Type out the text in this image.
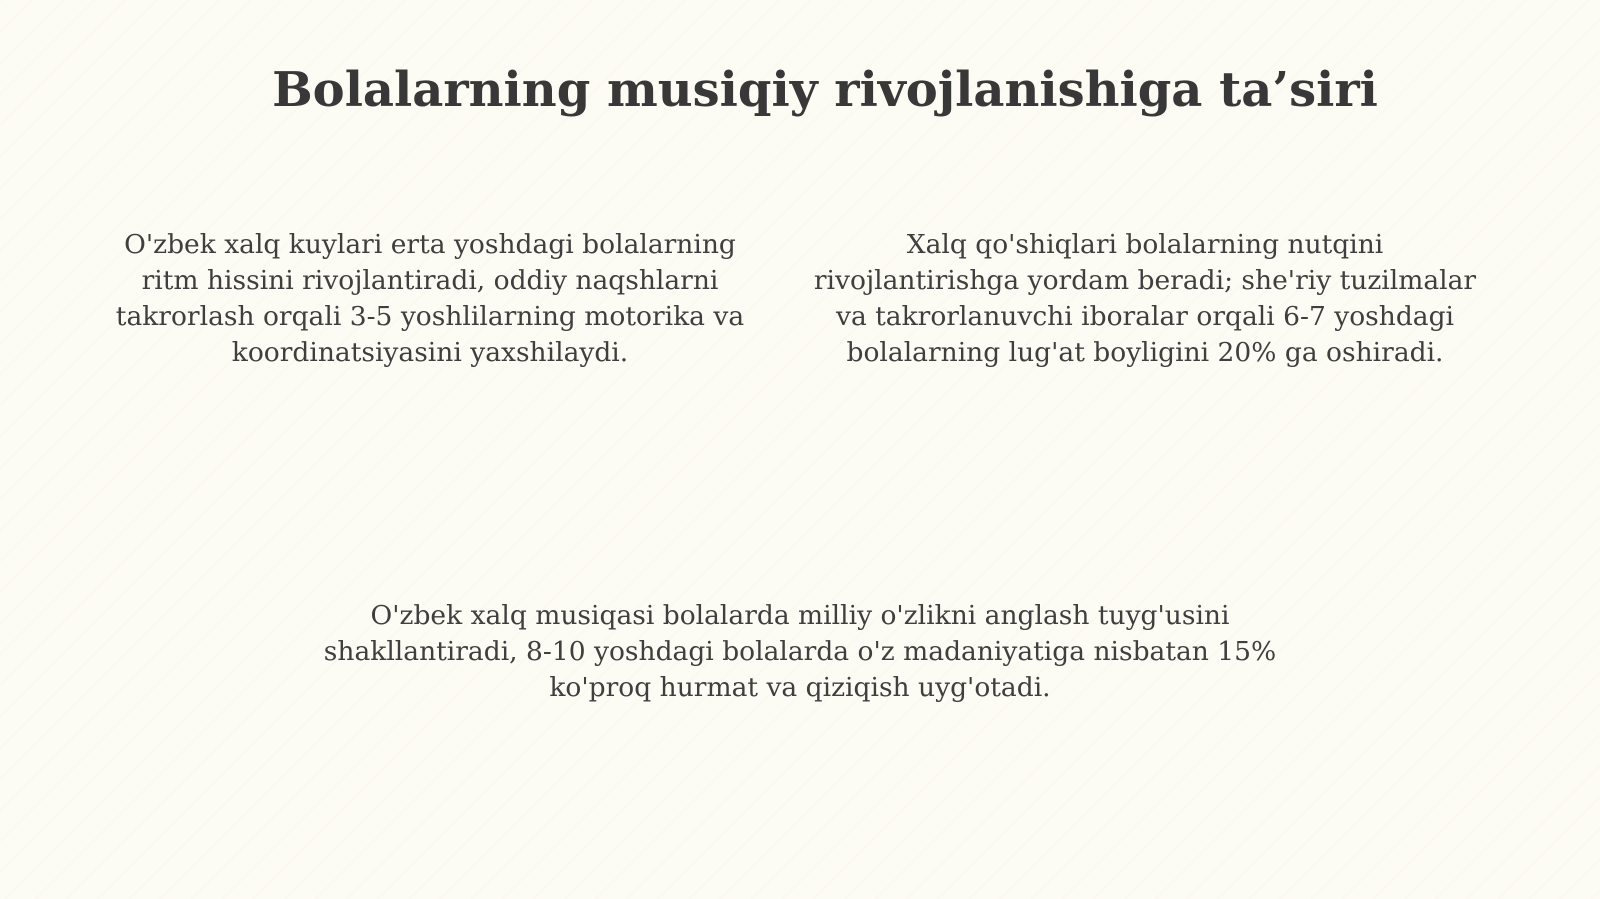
Bolalarning musiqiy rivojlanishiga ta’siri

O'zbek xalq kuylari erta yoshdagi bolalarning ritm hissini rivojlantiradi, oddiy naqshlarni takrorlash orqali 3-5 yoshlilarning motorika va koordinatsiyasini yaxshilaydi.

Xalq qo'shiqlari bolalarning nutqini rivojlantirishga yordam beradi; she'riy tuzilmalar va takrorlanuvchi iboralar orqali 6-7 yoshdagi bolalarning lug'at boyligini 20% ga oshiradi.

O'zbek xalq musiqasi bolalarda milliy o'zlikni anglash tuyg'usini shakllantiradi, 8-10 yoshdagi bolalarda o'z madaniyatiga nisbatan 15% ko'proq hurmat va qiziqish uyg'otadi.
